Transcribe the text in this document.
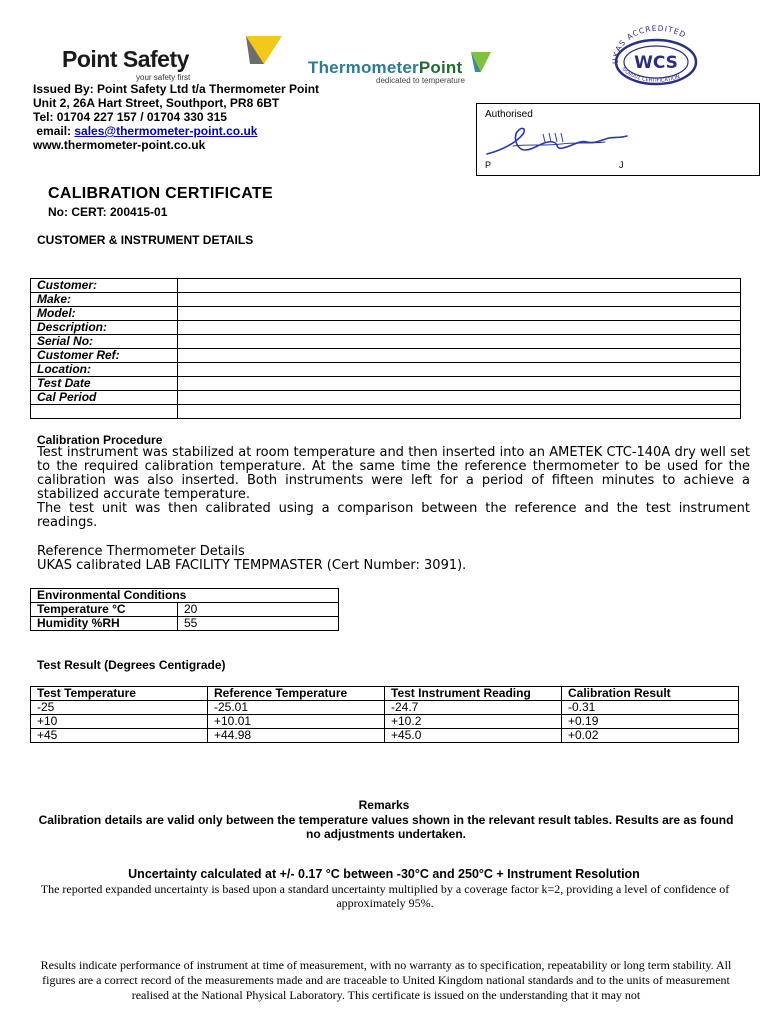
Point Safety
your safety first
ThermometerPoint
dedicated to temperature
UKAS ACCREDITED
WCS
ISO9001 CERTIFICATION
Issued By: Point Safety Ltd t/a Thermometer Point
Unit 2, 26A Hart Street, Southport, PR8 6BT
Tel: 01704 227 157 / 01704 330 315
email: sales@thermometer-point.co.uk
www.thermometer-point.co.uk
Authorised
P	J
CALIBRATION CERTIFICATE
No: CERT: 200415-01
CUSTOMER & INSTRUMENT DETAILS
Customer:	
Make:	
Model:	
Description:	
Serial No:	
Customer Ref:	
Location:	
Test Date	
Cal Period	

Calibration Procedure

Test instrument was stabilized at room temperature and then inserted into an AMETEK CTC-140A dry well set to the required calibration temperature. At the same time the reference thermometer to be used for the calibration was also inserted. Both instruments were left for a period of fifteen minutes to achieve a stabilized accurate temperature.

The test unit was then calibrated using a comparison between the reference and the test instrument readings.

Reference Thermometer Details
UKAS calibrated LAB FACILITY TEMPMASTER (Cert Number: 3091).
Environmental Conditions	
Temperature °C	20
Humidity %RH	55
Test Result (Degrees Centigrade)
Test Temperature	Reference Temperature	Test Instrument Reading	Calibration Result
-25	-25.01	-24.7	-0.31
+10	+10.01	+10.2	+0.19
+45	+44.98	+45.0	+0.02
Remarks
Calibration details are valid only between the temperature values shown in the relevant result tables. Results are as found no adjustments undertaken.
Uncertainty calculated at +/- 0.17 °C between -30°C and 250°C + Instrument Resolution
The reported expanded uncertainty is based upon a standard uncertainty multiplied by a coverage factor k=2, providing a level of confidence of approximately 95%.
Results indicate performance of instrument at time of measurement, with no warranty as to specification, repeatability or long term stability. All figures are a correct record of the measurements made and are traceable to United Kingdom national standards and to the units of measurement realised at the National Physical Laboratory. This certificate is issued on the understanding that it may not
